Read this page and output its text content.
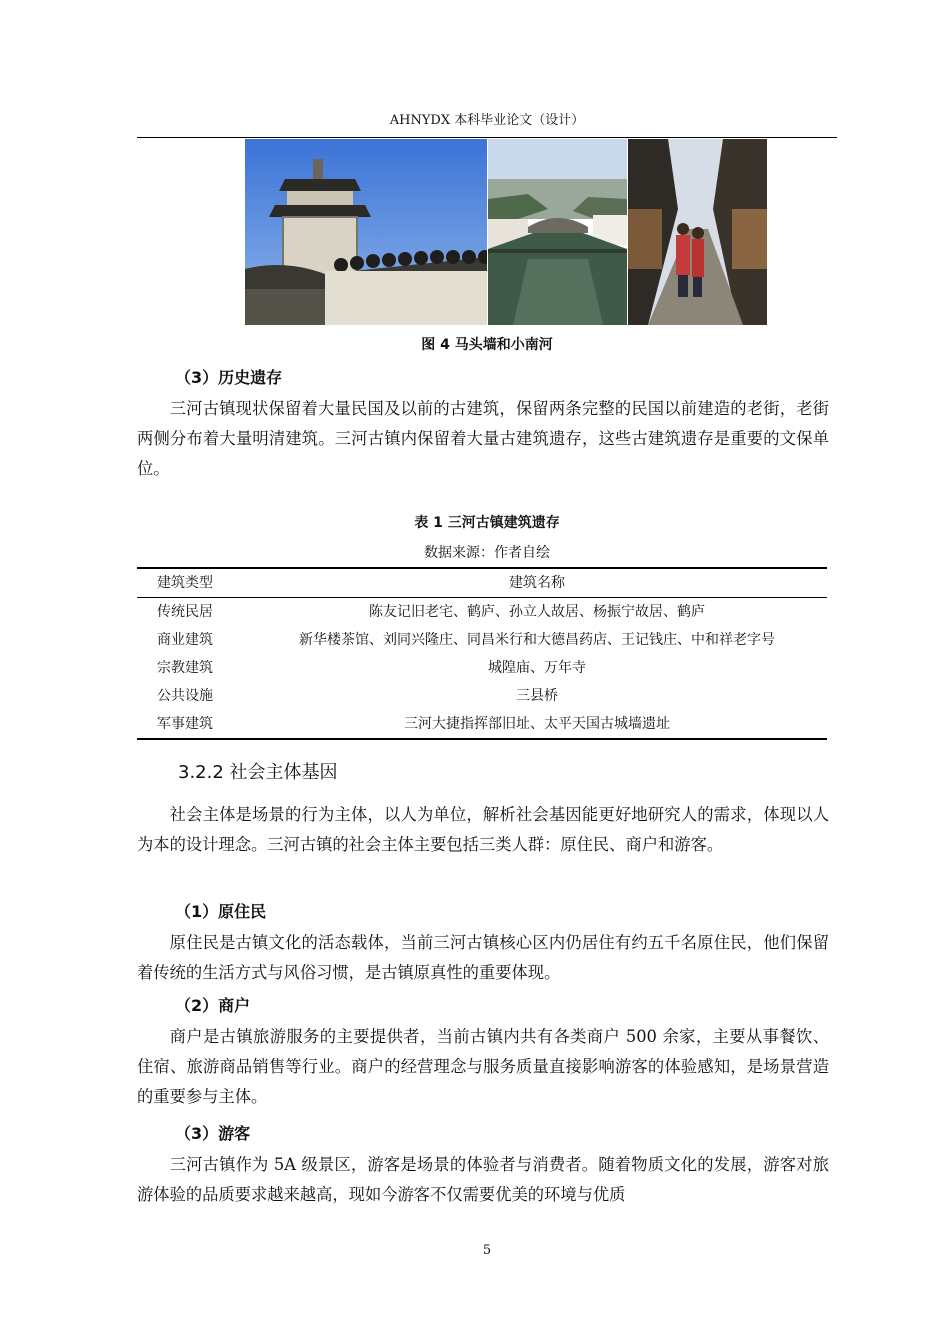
AHNYDX 本科毕业论文（设计）
图 4 马头墙和小南河
（3）历史遗存

三河古镇现状保留着大量民国及以前的古建筑，保留两条完整的民国以前建造的老街，老街两侧分布着大量明清建筑。三河古镇内保留着大量古建筑遗存，这些古建筑遗存是重要的文保单位。

表 1 三河古镇建筑遗存
数据来源：作者自绘
建筑类型	建筑名称
传统民居	陈友记旧老宅、鹤庐、孙立人故居、杨振宁故居、鹤庐
商业建筑	新华楼茶馆、刘同兴隆庄、同昌米行和大德昌药店、王记钱庄、中和祥老字号
宗教建筑	城隍庙、万年寺
公共设施	三县桥
军事建筑	三河大捷指挥部旧址、太平天国古城墙遗址
3.2.2 社会主体基因

社会主体是场景的行为主体，以人为单位，解析社会基因能更好地研究人的需求，体现以人为本的设计理念。三河古镇的社会主体主要包括三类人群：原住民、商户和游客。

（1）原住民

原住民是古镇文化的活态载体，当前三河古镇核心区内仍居住有约五千名原住民，他们保留着传统的生活方式与风俗习惯，是古镇原真性的重要体现。

（2）商户

商户是古镇旅游服务的主要提供者，当前古镇内共有各类商户 500 余家，主要从事餐饮、住宿、旅游商品销售等行业。商户的经营理念与服务质量直接影响游客的体验感知，是场景营造的重要参与主体。

（3）游客

三河古镇作为 5A 级景区，游客是场景的体验者与消费者。随着物质文化的发展，游客对旅游体验的品质要求越来越高，现如今游客不仅需要优美的环境与优质

5
